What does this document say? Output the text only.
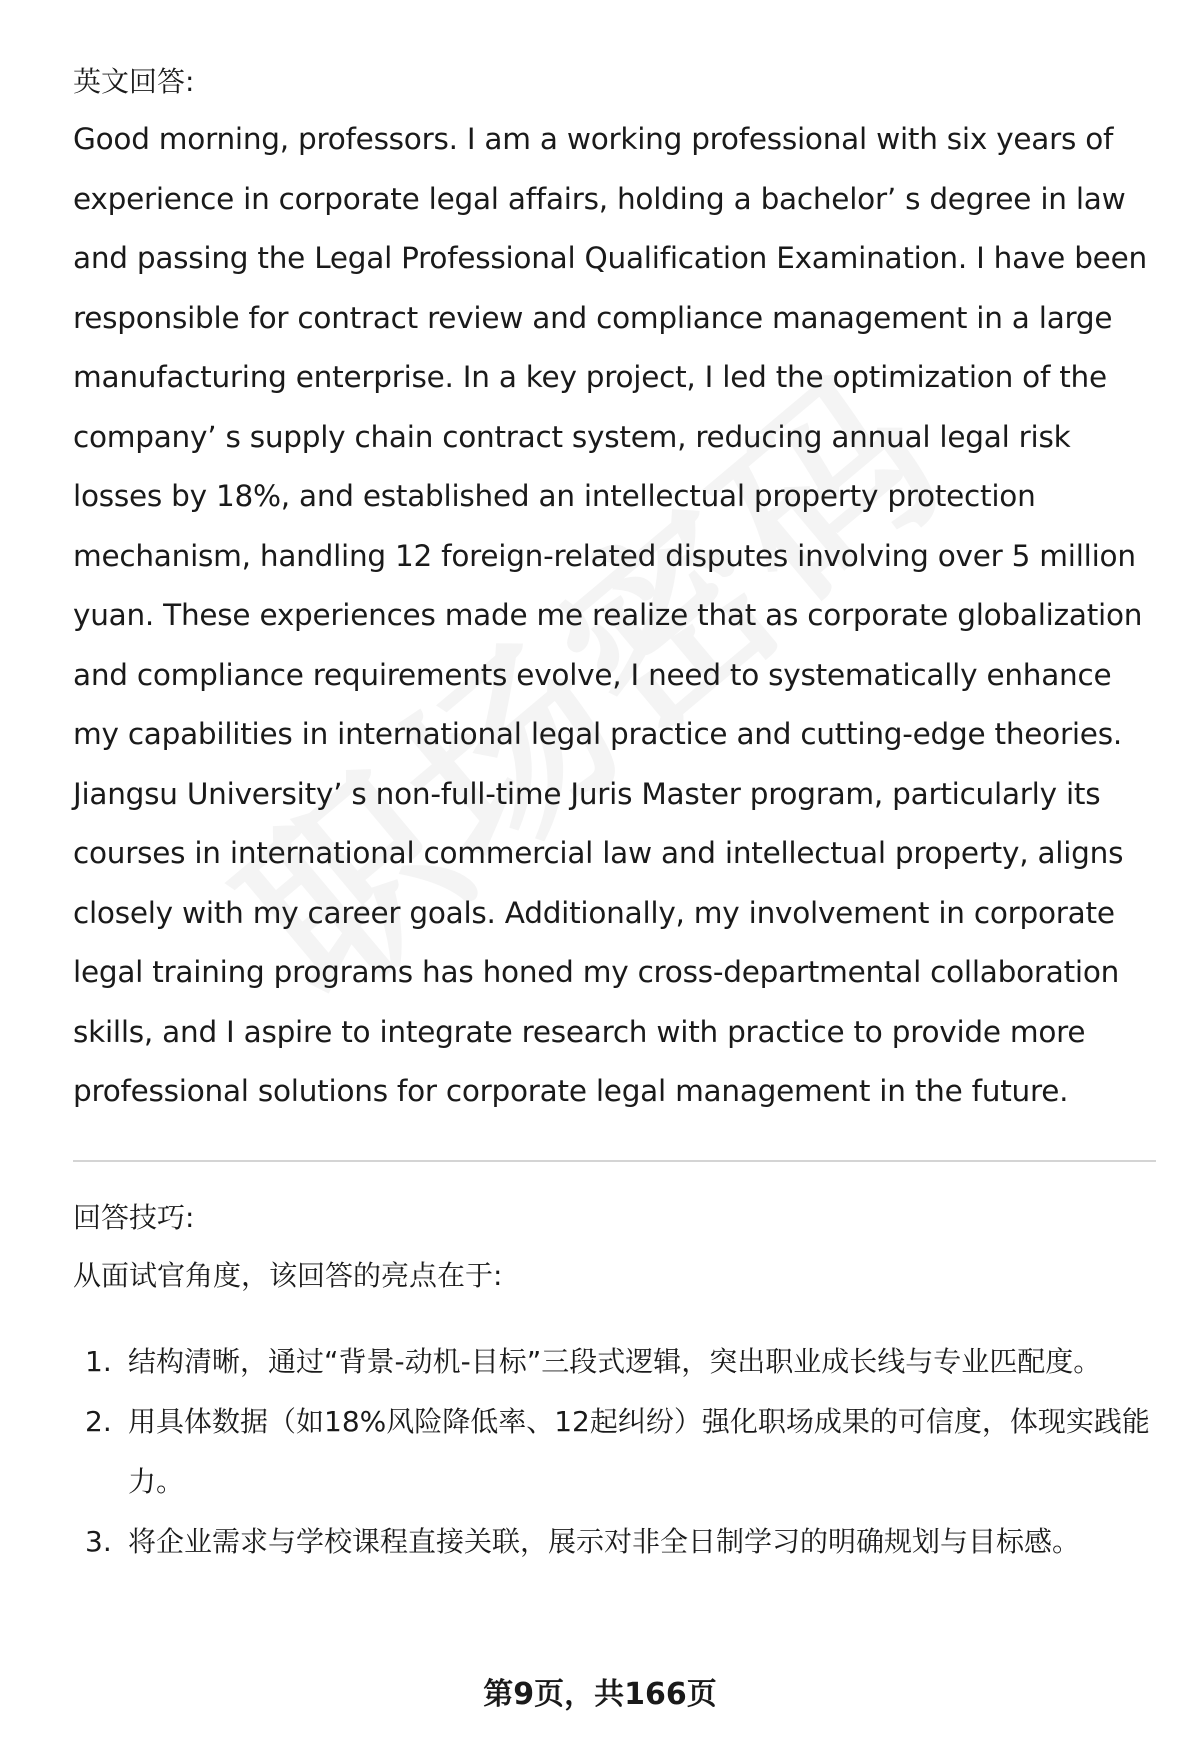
英文回答:

Good morning, professors. I am a working professional with six years of experience in corporate legal affairs, holding a bachelor’ s degree in law and passing the Legal Professional Qualification Examination. I have been responsible for contract review and compliance management in a large manufacturing enterprise. In a key project, I led the optimization of the company’ s supply chain contract system, reducing annual legal risk losses by 18%, and established an intellectual property protection mechanism, handling 12 foreign-related disputes involving over 5 million yuan. These experiences made me realize that as corporate globalization and compliance requirements evolve, I need to systematically enhance my capabilities in international legal practice and cutting-edge theories. Jiangsu University’ s non-full-time Juris Master program, particularly its courses in international commercial law and intellectual property, aligns closely with my career goals. Additionally, my involvement in corporate legal training programs has honed my cross-departmental collaboration skills, and I aspire to integrate research with practice to provide more professional solutions for corporate legal management in the future.

回答技巧:

从面试官角度，该回答的亮点在于:

1. 结构清晰，通过“背景-动机-目标”三段式逻辑，突出职业成长线与专业匹配度。
2. 用具体数据（如18%风险降低率、12起纠纷）强化职场成果的可信度，体现实践能力。
3. 将企业需求与学校课程直接关联，展示对非全日制学习的明确规划与目标感。
第9页，共166页
